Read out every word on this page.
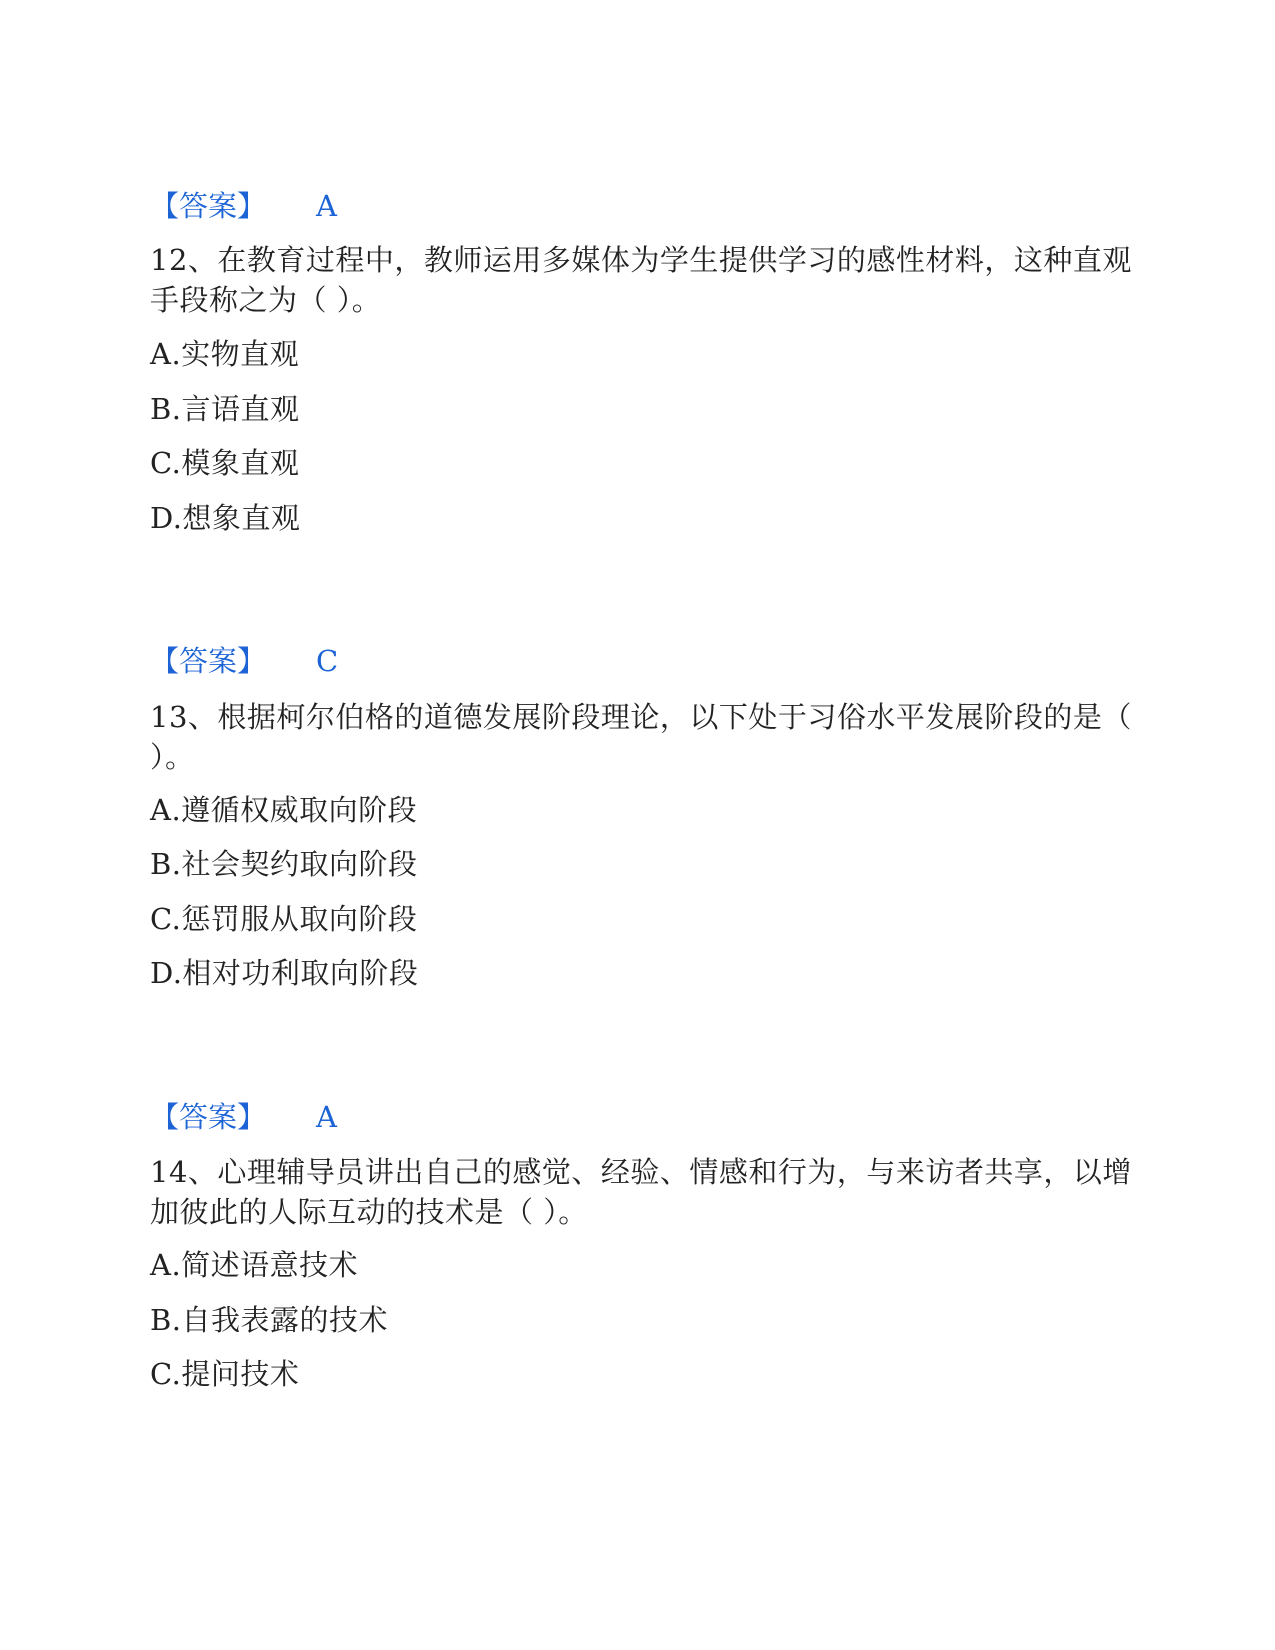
【答案】 A
12、在教育过程中，教师运用多媒体为学生提供学习的感性材料，这种直观
手段称之为（ ）。
A.实物直观
B.言语直观
C.模象直观
D.想象直观
【答案】 C
13、根据柯尔伯格的道德发展阶段理论，以下处于习俗水平发展阶段的是（
）。
A.遵循权威取向阶段
B.社会契约取向阶段
C.惩罚服从取向阶段
D.相对功利取向阶段
【答案】 A
14、心理辅导员讲出自己的感觉、经验、情感和行为，与来访者共享，以增
加彼此的人际互动的技术是（ ）。
A.简述语意技术
B.自我表露的技术
C.提问技术
